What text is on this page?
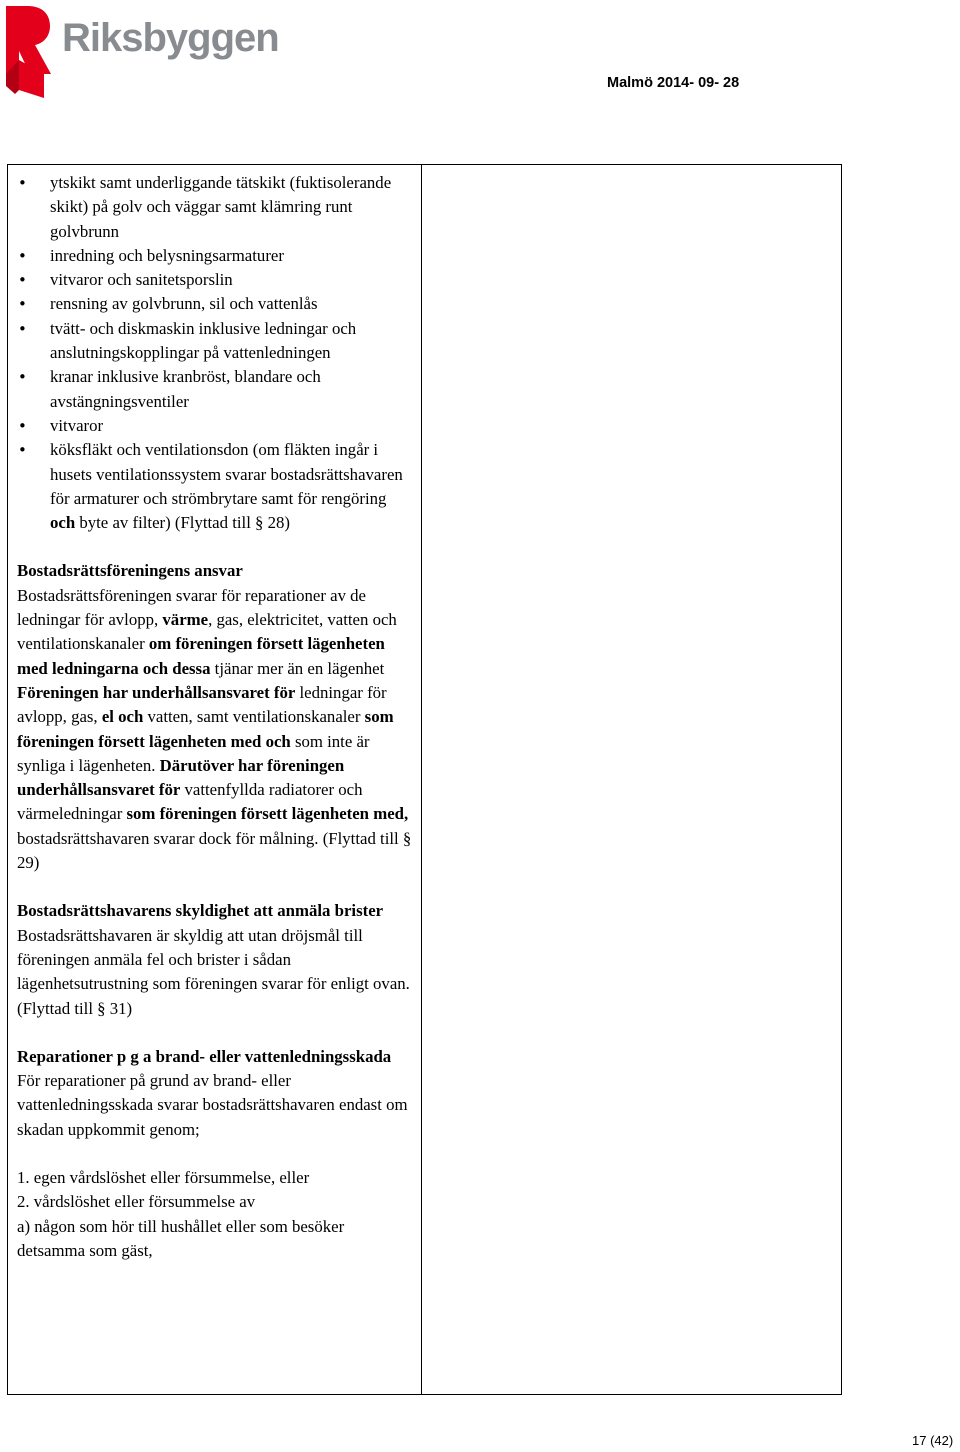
Riksbyggen
Malmö 2014- 09- 28
• ytskikt samt underliggande tätskikt (fuktisolerande skikt) på golv och väggar samt klämring runt golvbrunn
• inredning och belysningsarmaturer
• vitvaror och sanitetsporslin
• rensning av golvbrunn, sil och vattenlås
• tvätt- och diskmaskin inklusive ledningar och anslutningskopplingar på vattenledningen
• kranar inklusive kranbröst, blandare och avstängningsventiler
• vitvaror
• köksfläkt och ventilationsdon (om fläkten ingår i husets ventilationssystem svarar bostadsrättshavaren för armaturer och strömbrytare samt för rengöring och byte av filter) (Flyttad till § 28)
Bostadsrättsföreningens ansvar
Bostadsrättsföreningen svarar för reparationer av de ledningar för avlopp, värme, gas, elektricitet, vatten och ventilationskanaler om föreningen försett lägenheten med ledningarna och dessa tjänar mer än en lägenhet Föreningen har underhållsansvaret för ledningar för avlopp, gas, el och vatten, samt ventilationskanaler som föreningen försett lägenheten med och som inte är synliga i lägenheten. Därutöver har föreningen underhållsansvaret för vattenfyllda radiatorer och värmeledningar som föreningen försett lägenheten med, bostadsrättshavaren svarar dock för målning. (Flyttad till § 29)
Bostadsrättshavarens skyldighet att anmäla brister
Bostadsrättshavaren är skyldig att utan dröjsmål till föreningen anmäla fel och brister i sådan lägenhetsutrustning som föreningen svarar för enligt ovan. (Flyttad till § 31)
Reparationer p g a brand- eller vattenledningsskada
För reparationer på grund av brand- eller vattenledningsskada svarar bostadsrättshavaren endast om skadan uppkommit genom;
1. egen vårdslöshet eller försummelse, eller
2. vårdslöshet eller försummelse av
a) någon som hör till hushållet eller som besöker detsamma som gäst,

17 (42)
